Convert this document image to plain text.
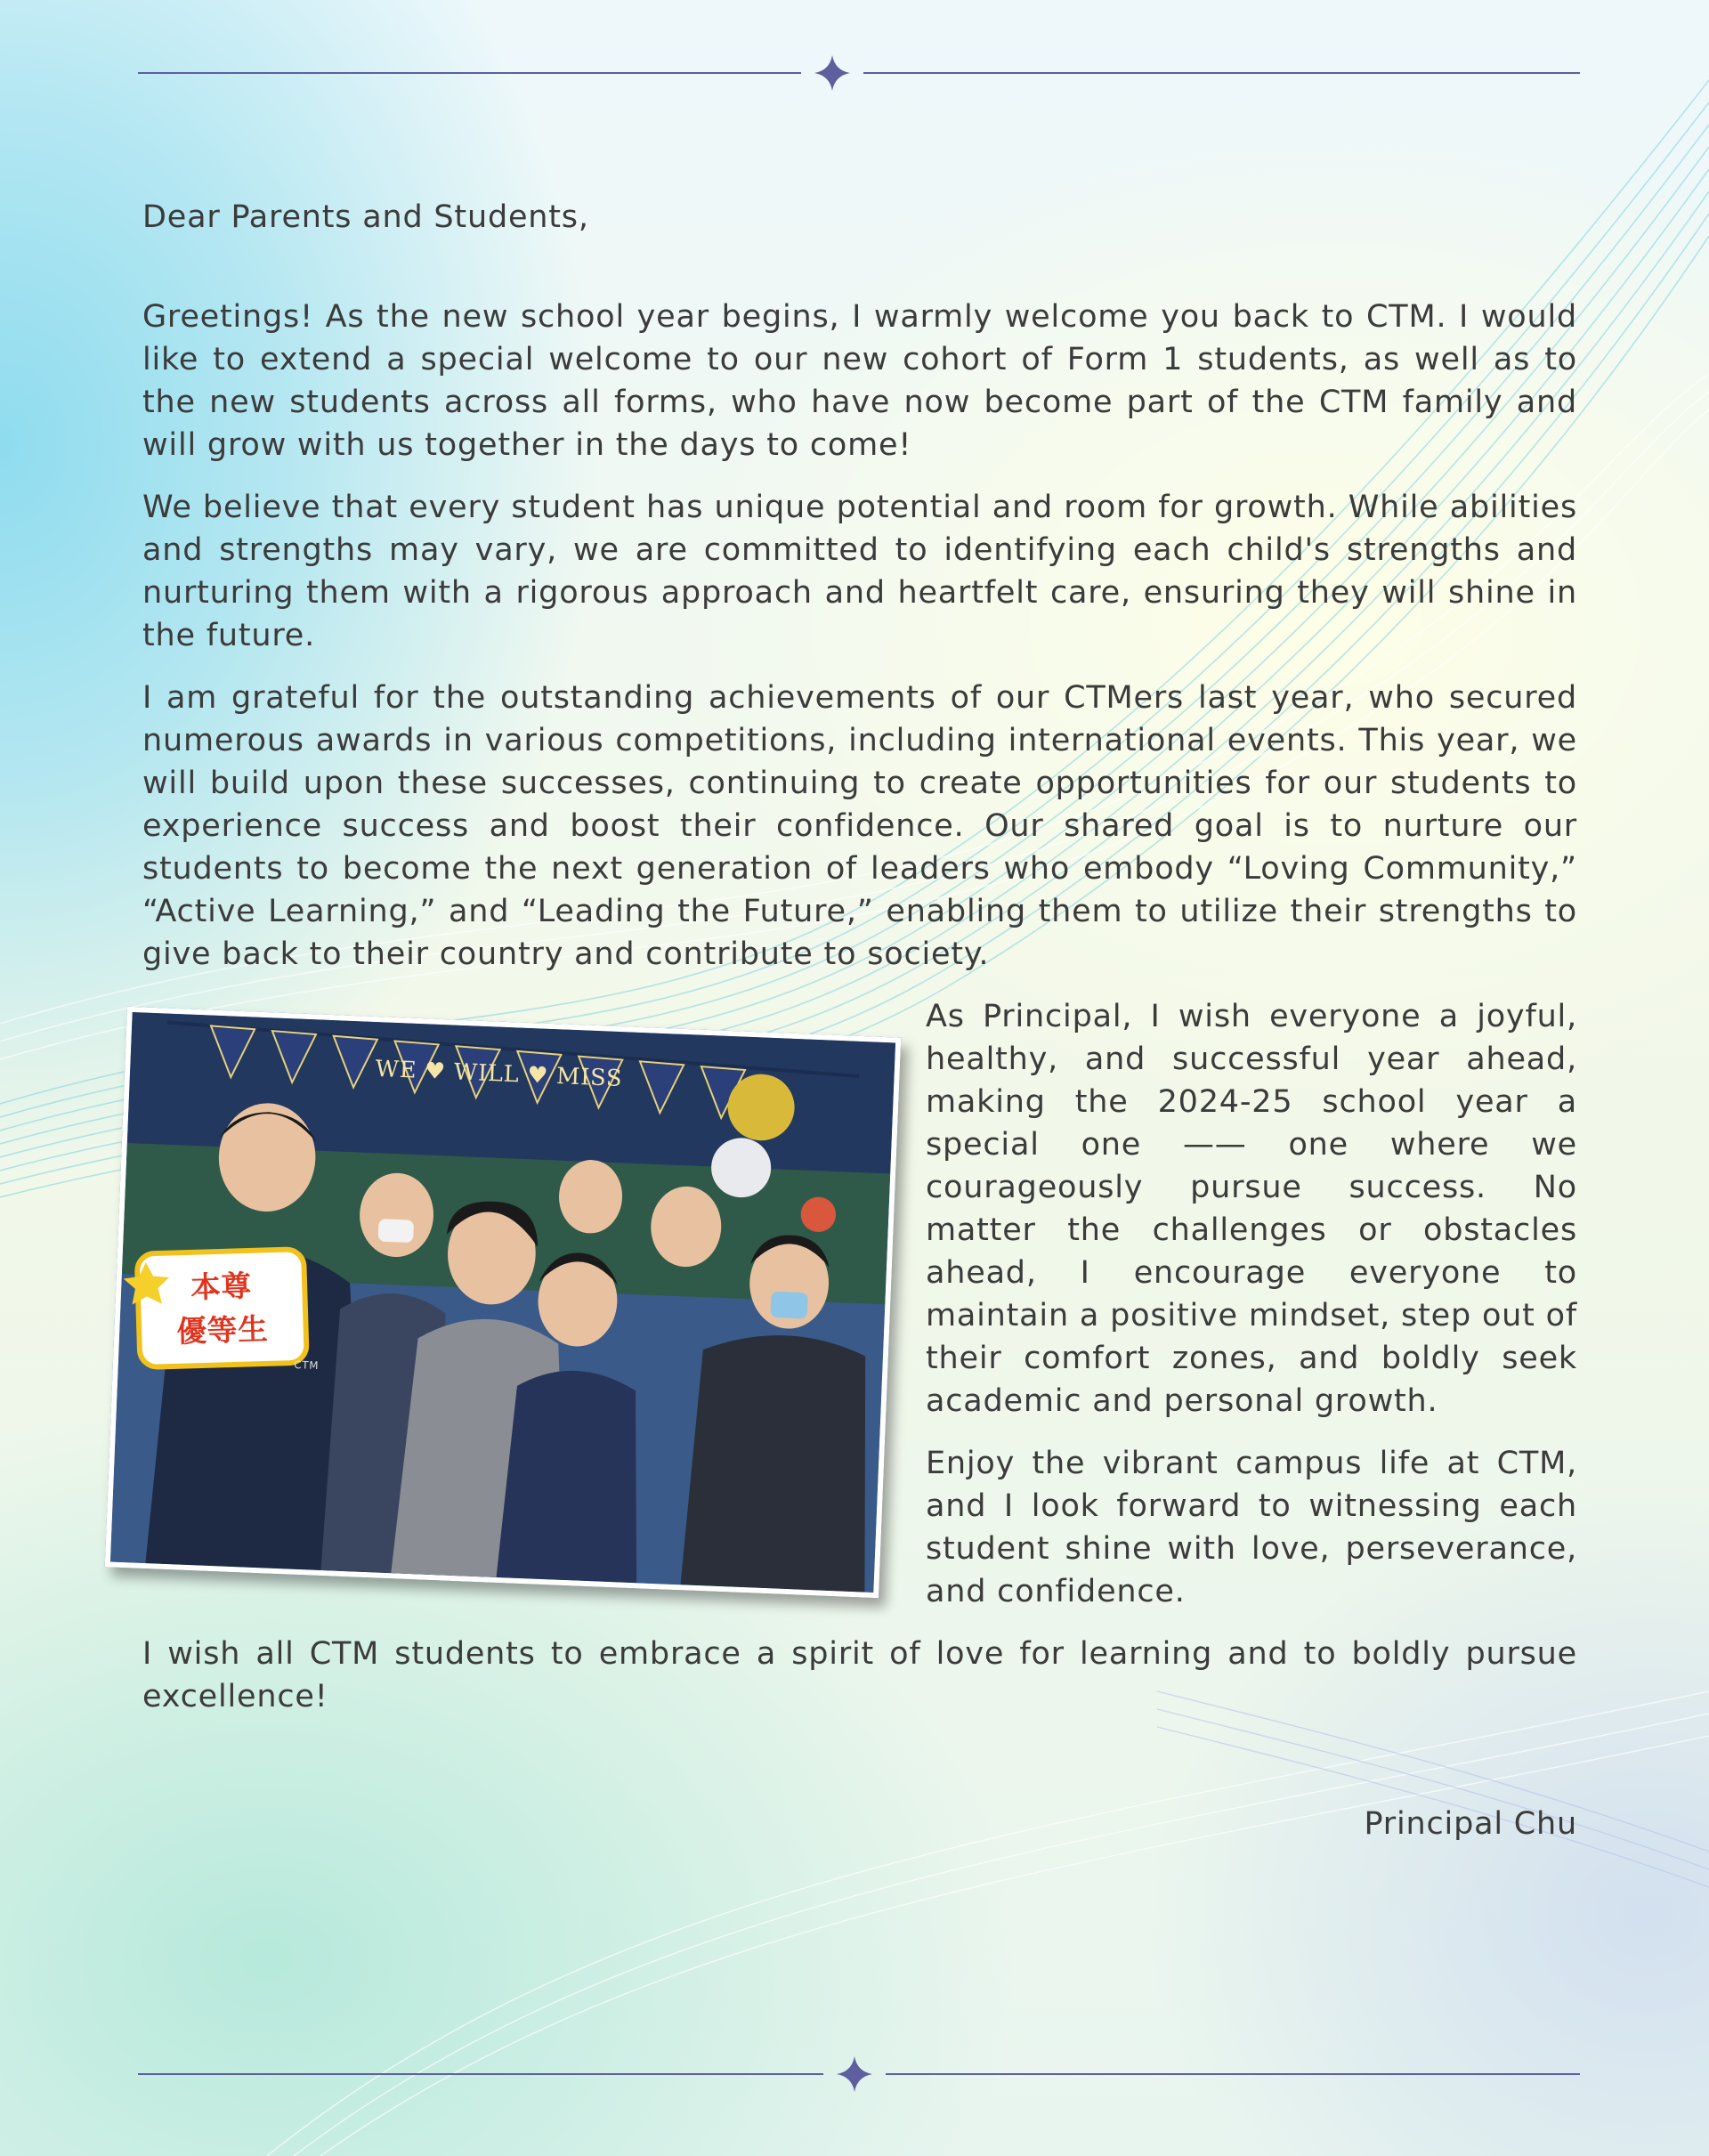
Dear Parents and Students,

Greetings! As the new school year begins, I warmly welcome you back to CTM. I would like to extend a special welcome to our new cohort of Form 1 students, as well as to the new students across all forms, who have now become part of the CTM family and will grow with us together in the days to come!

We believe that every student has unique potential and room for growth. While abilities and strengths may vary, we are committed to identifying each child's strengths and nurturing them with a rigorous approach and heartfelt care, ensuring they will shine in the future.

I am grateful for the outstanding achievements of our CTMers last year, who secured numerous awards in various competitions, including international events. This year, we will build upon these successes, continuing to create opportunities for our students to experience success and boost their confidence. Our shared goal is to nurture our students to become the next generation of leaders who embody “Loving Community,” “Active Learning,” and “Leading the Future,” enabling them to utilize their strengths to give back to their country and contribute to society.

WE ♥ WILL ♥ MISS
本尊
優等生
CTM

As Principal, I wish everyone a joyful, healthy, and successful year ahead, making the 2024-25 school year a special one —— one where we courageously pursue success. No matter the challenges or obstacles ahead, I encourage everyone to maintain a positive mindset, step out of their comfort zones, and boldly seek academic and personal growth.

Enjoy the vibrant campus life at CTM, and I look forward to witnessing each student shine with love, perseverance, and confidence.

I wish all CTM students to embrace a spirit of love for learning and to boldly pursue excellence!

Principal Chu
